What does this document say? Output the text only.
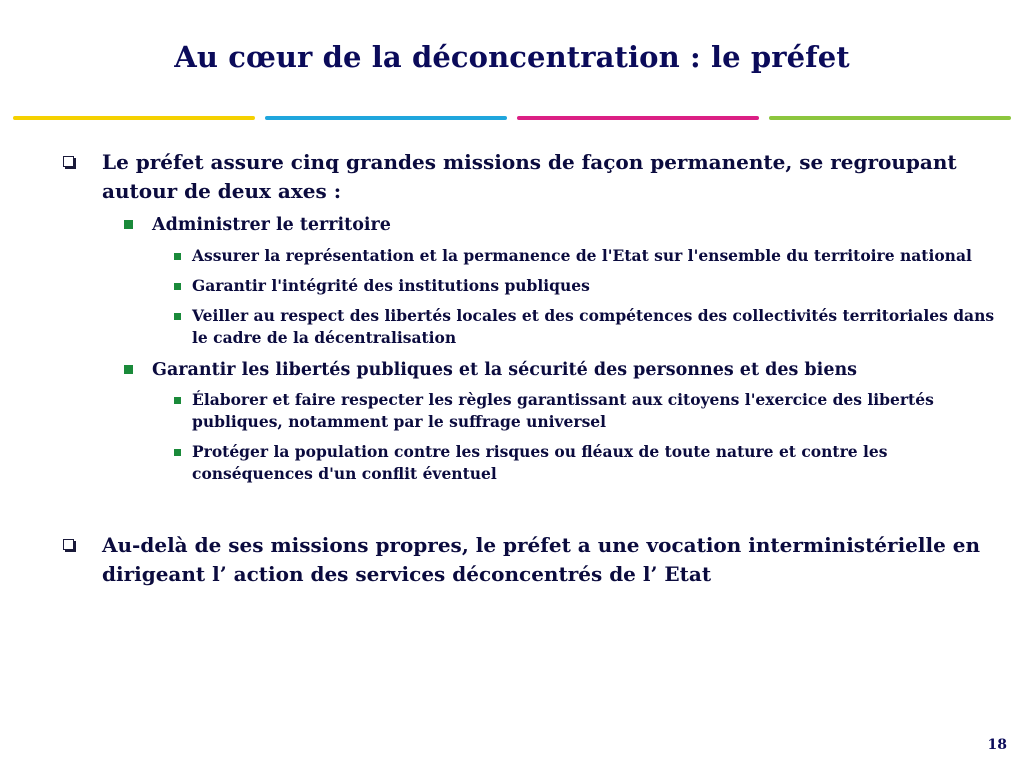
Au cœur de la déconcentration : le préfet
Le préfet assure cinq grandes missions de façon permanente, se regroupant autour de deux axes :
Administrer le territoire
Assurer la représentation et la permanence de l'Etat sur l'ensemble du territoire national
Garantir l'intégrité des institutions publiques
Veiller au respect des libertés locales et des compétences des collectivités territoriales dans le cadre de la décentralisation
Garantir les libertés publiques et la sécurité des personnes et des biens
Élaborer et faire respecter les règles garantissant aux citoyens l'exercice des libertés publiques, notamment par le suffrage universel
Protéger la population contre les risques ou fléaux de toute nature et contre les conséquences d'un conflit éventuel
Au-delà de ses missions propres, le préfet a une vocation interministérielle en dirigeant l’ action des services déconcentrés de l’ Etat
18
